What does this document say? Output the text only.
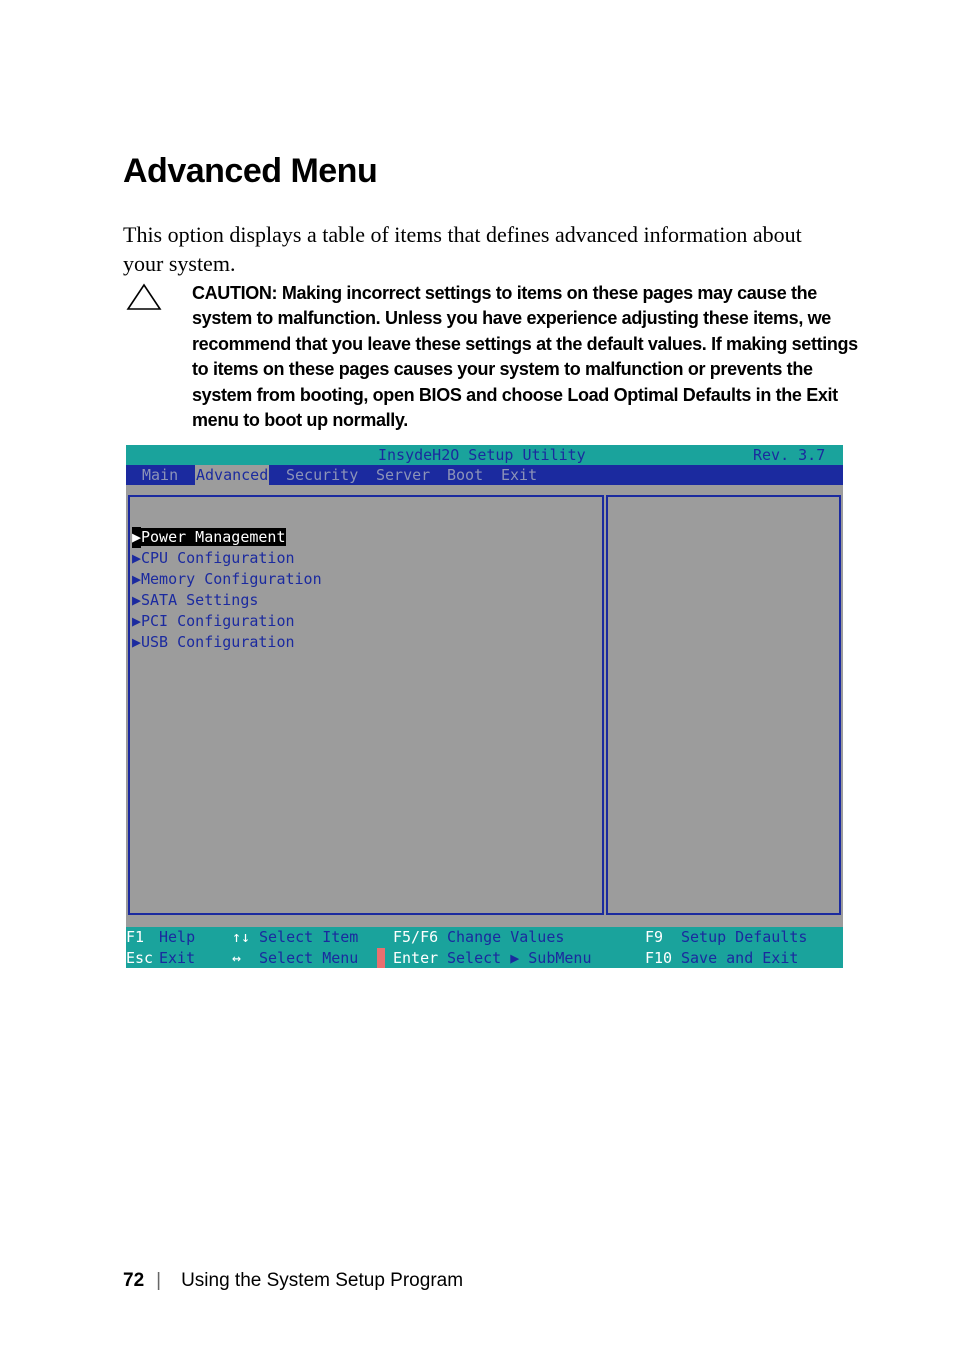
Advanced Menu
This option displays a table of items that defines advanced information about your system.
CAUTION: Making incorrect settings to items on these pages may cause the system to malfunction. Unless you have experience adjusting these items, we recommend that you leave these settings at the default values. If making settings to items on these pages causes your system to malfunction or prevents the system from booting, open BIOS and choose Load Optimal Defaults in the Exit menu to boot up normally.
InsydeH2O Setup Utility	Rev. 3.7
Main Advanced Security Server Boot Exit
▶Power Management
▶CPU Configuration
▶Memory Configuration
▶SATA Settings
▶PCI Configuration
▶USB Configuration
F1 Help
Esc Exit
↑↓ Select Item
↔ Select Menu
F5/F6 Change Values
Enter Select ▶ SubMenu
F9 Setup Defaults
F10 Save and Exit
72 | Using the System Setup Program
